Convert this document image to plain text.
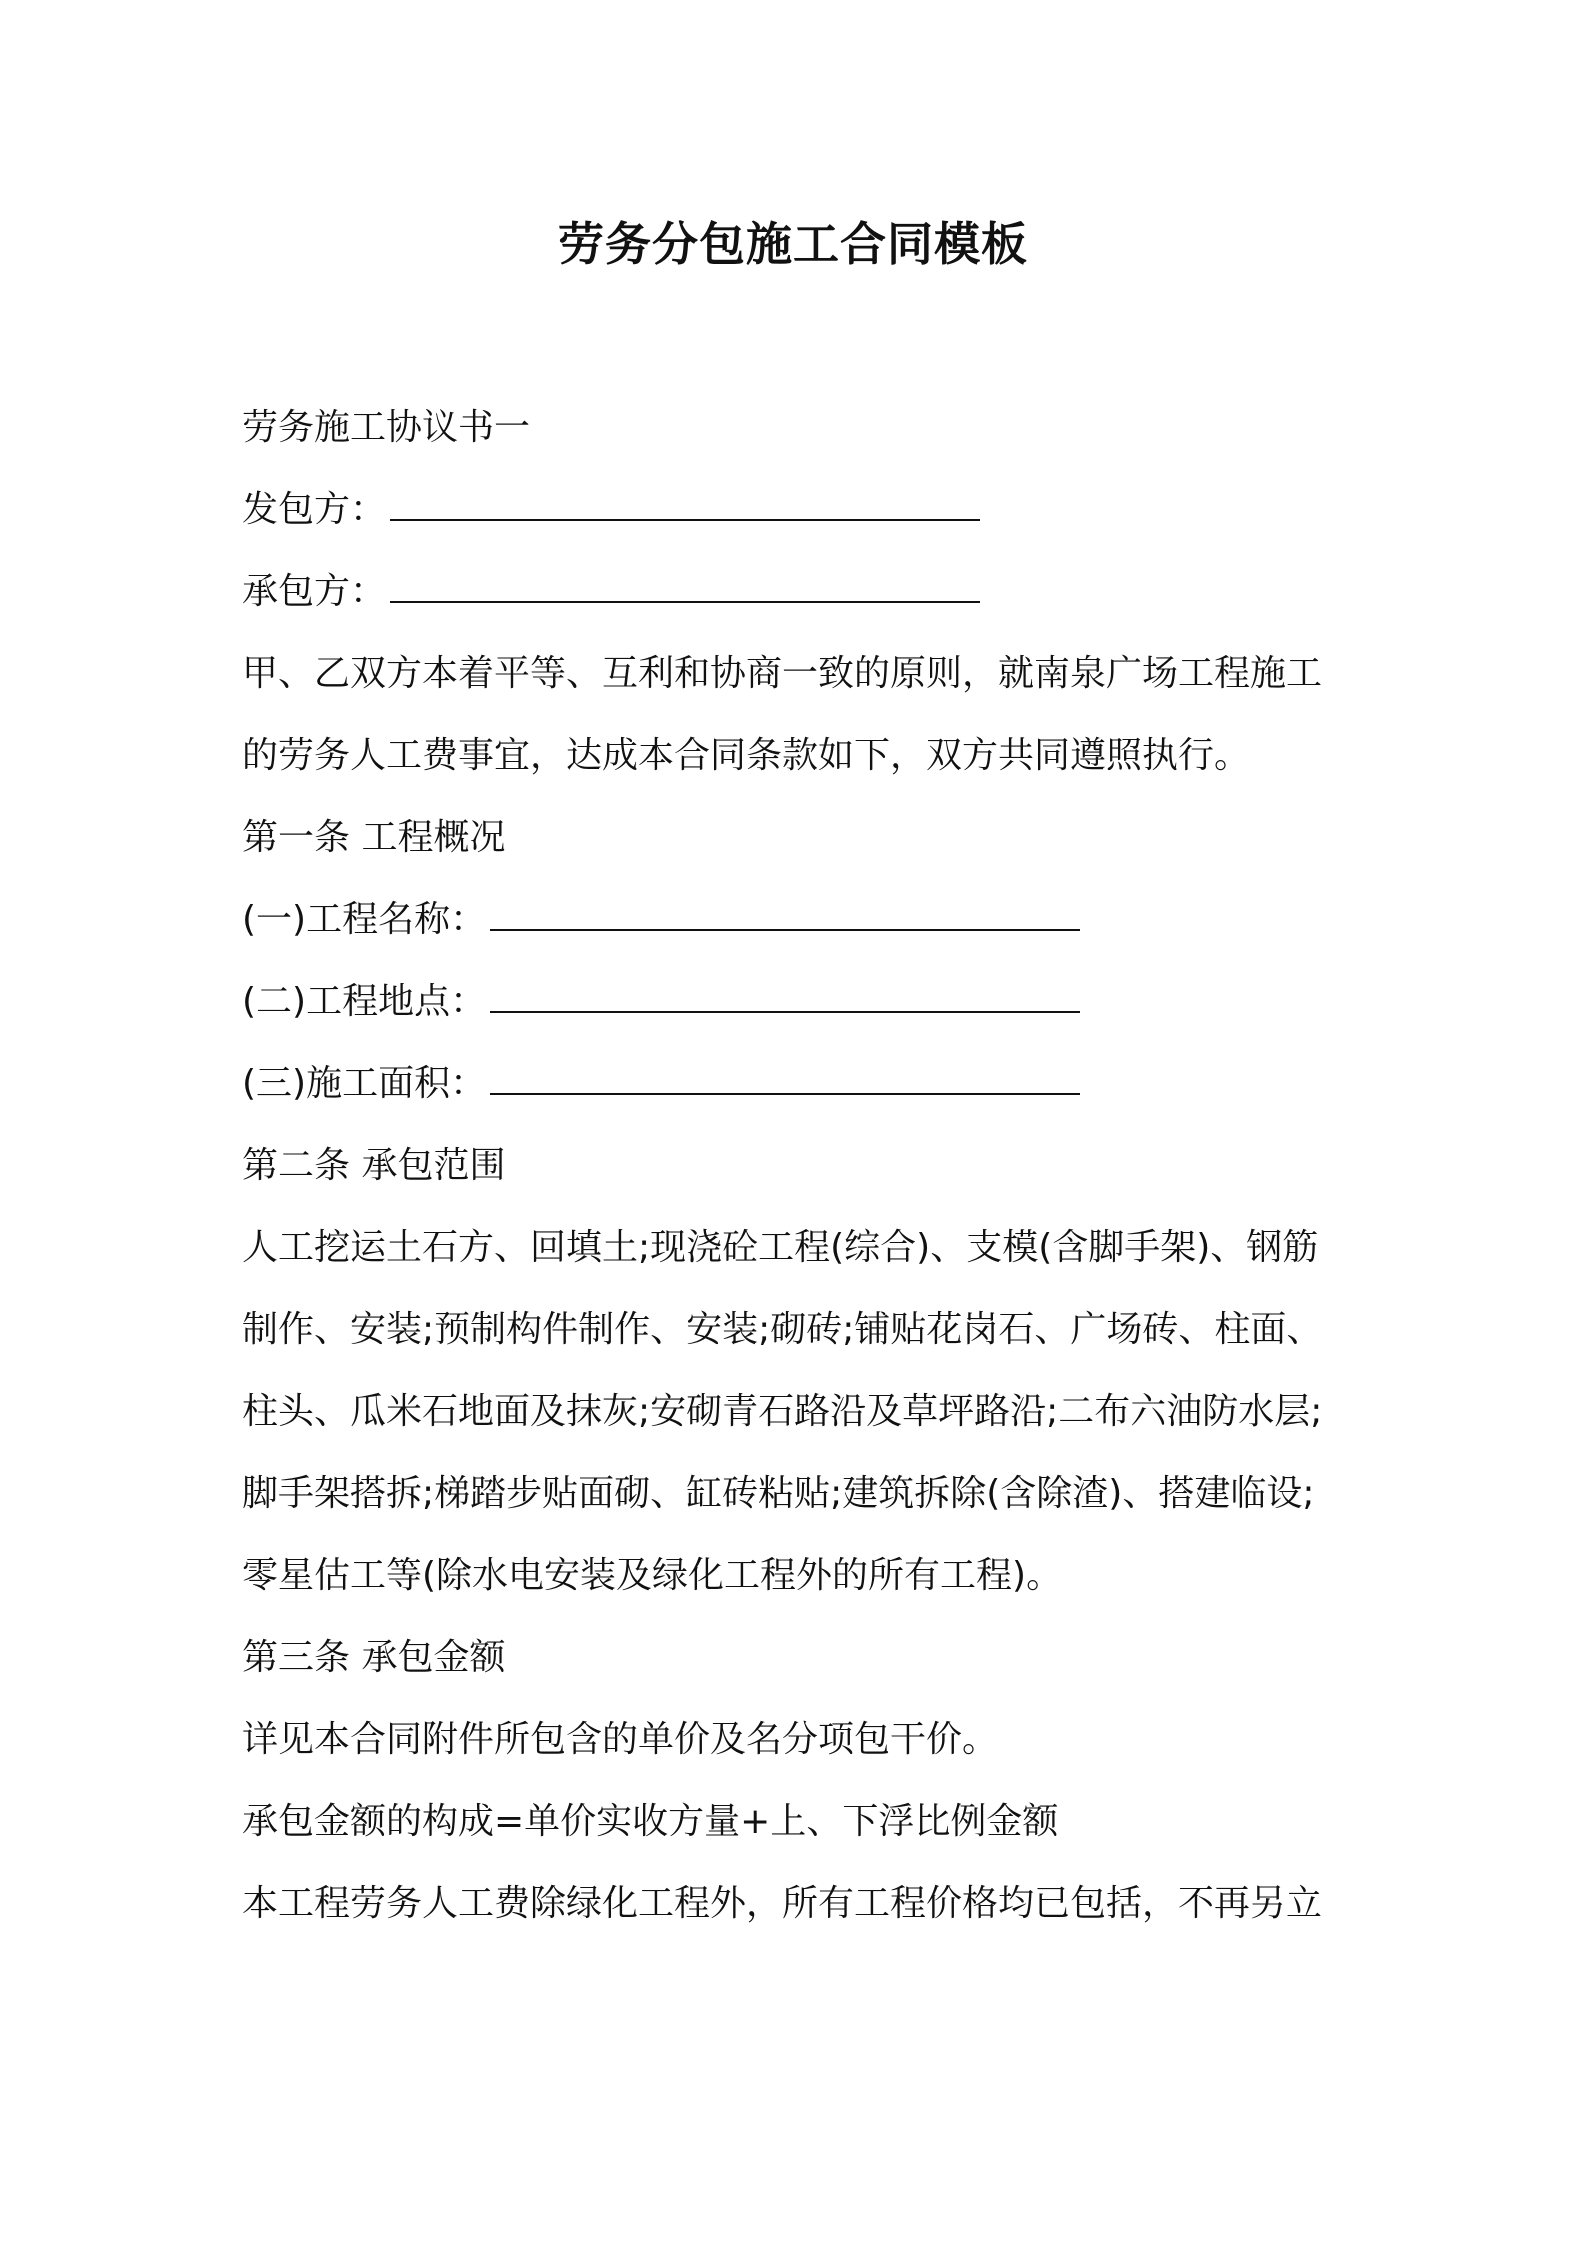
劳务分包施工合同模板
劳务施工协议书一
发包方：
承包方：
甲、乙双方本着平等、互利和协商一致的原则，就南泉广场工程施工
的劳务人工费事宜，达成本合同条款如下，双方共同遵照执行。
第一条 工程概况
(一)工程名称：
(二)工程地点：
(三)施工面积：
第二条 承包范围
人工挖运土石方、回填土;现浇砼工程(综合)、支模(含脚手架)、钢筋
制作、安装;预制构件制作、安装;砌砖;铺贴花岗石、广场砖、柱面、
柱头、瓜米石地面及抹灰;安砌青石路沿及草坪路沿;二布六油防水层;
脚手架搭拆;梯踏步贴面砌、缸砖粘贴;建筑拆除(含除渣)、搭建临设;
零星估工等(除水电安装及绿化工程外的所有工程)。
第三条 承包金额
详见本合同附件所包含的单价及名分项包干价。
承包金额的构成=单价实收方量+上、下浮比例金额
本工程劳务人工费除绿化工程外，所有工程价格均已包括，不再另立
